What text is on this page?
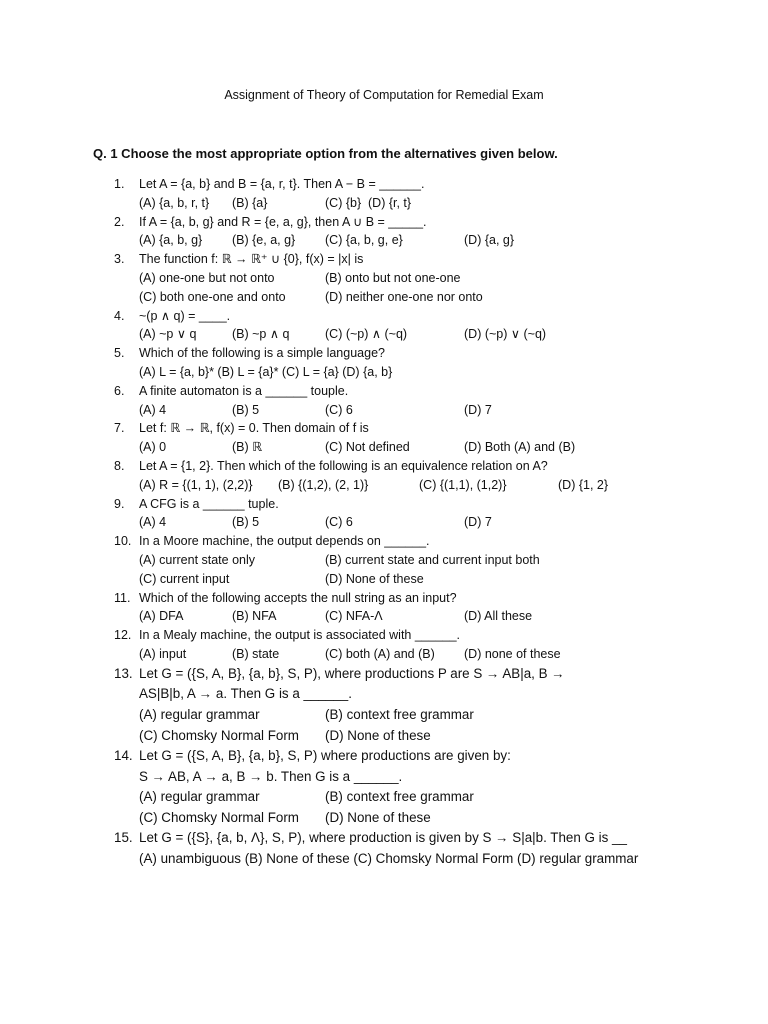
Assignment of Theory of Computation for Remedial Exam
Q. 1 Choose the most appropriate option from the alternatives given below.
1.	Let A = {a, b} and B = {a, r, t}. Then A − B = ______.
(A) {a, b, r, t}	(B) {a}	(C) {b} (D) {r, t}
2.	If A = {a, b, g} and R = {e, a, g}, then A ∪ B = _____.
(A) {a, b, g}	(B) {e, a, g}	(C) {a, b, g, e}	(D) {a, g}
3.	The function f: ℝ → ℝ⁺ ∪ {0}, f(x) = |x| is
(A) one-one but not onto	(B) onto but not one-one
(C) both one-one and onto	(D) neither one-one nor onto
4.	~(p ∧ q) = ____.
(A) ~p ∨ q	(B) ~p ∧ q	(C) (~p) ∧ (~q)	(D) (~p) ∨ (~q)
5.	Which of the following is a simple language?
(A) L = {a, b}* (B) L = {a}* (C) L = {a} (D) {a, b}
6.	A finite automaton is a ______ touple.
(A) 4	(B) 5	(C) 6	(D) 7
7.	Let f: ℝ → ℝ, f(x) = 0. Then domain of f is
(A) 0	(B) ℝ	(C) Not defined	(D) Both (A) and (B)
8.	Let A = {1, 2}. Then which of the following is an equivalence relation on A?
(A) R = {(1, 1), (2,2)}	(B) {(1,2), (2, 1)}	(C) {(1,1), (1,2)}	(D) {1, 2}
9.	A CFG is a ______ tuple.
(A) 4	(B) 5	(C) 6	(D) 7
10. In a Moore machine, the output depends on ______.
(A) current state only	(B) current state and current input both
(C) current input	(D) None of these
11. Which of the following accepts the null string as an input?
(A) DFA	(B) NFA	(C) NFA-Λ	(D) All these
12. In a Mealy machine, the output is associated with ______.
(A) input	(B) state	(C) both (A) and (B)	(D) none of these
13. Let G = ({S, A, B}, {a, b}, S, P), where productions P are S → AB|a, B →
AS|B|b, A → a. Then G is a ______.
(A) regular grammar	(B) context free grammar
(C) Chomsky Normal Form	(D) None of these
14. Let G = ({S, A, B}, {a, b}, S, P) where productions are given by:
S → AB, A → a, B → b. Then G is a ______.
(A) regular grammar	(B) context free grammar
(C) Chomsky Normal Form	(D) None of these
15. Let G = ({S}, {a, b, Λ}, S, P), where production is given by S → S|a|b. Then G is __
(A) unambiguous (B) None of these (C) Chomsky Normal Form (D) regular grammar
